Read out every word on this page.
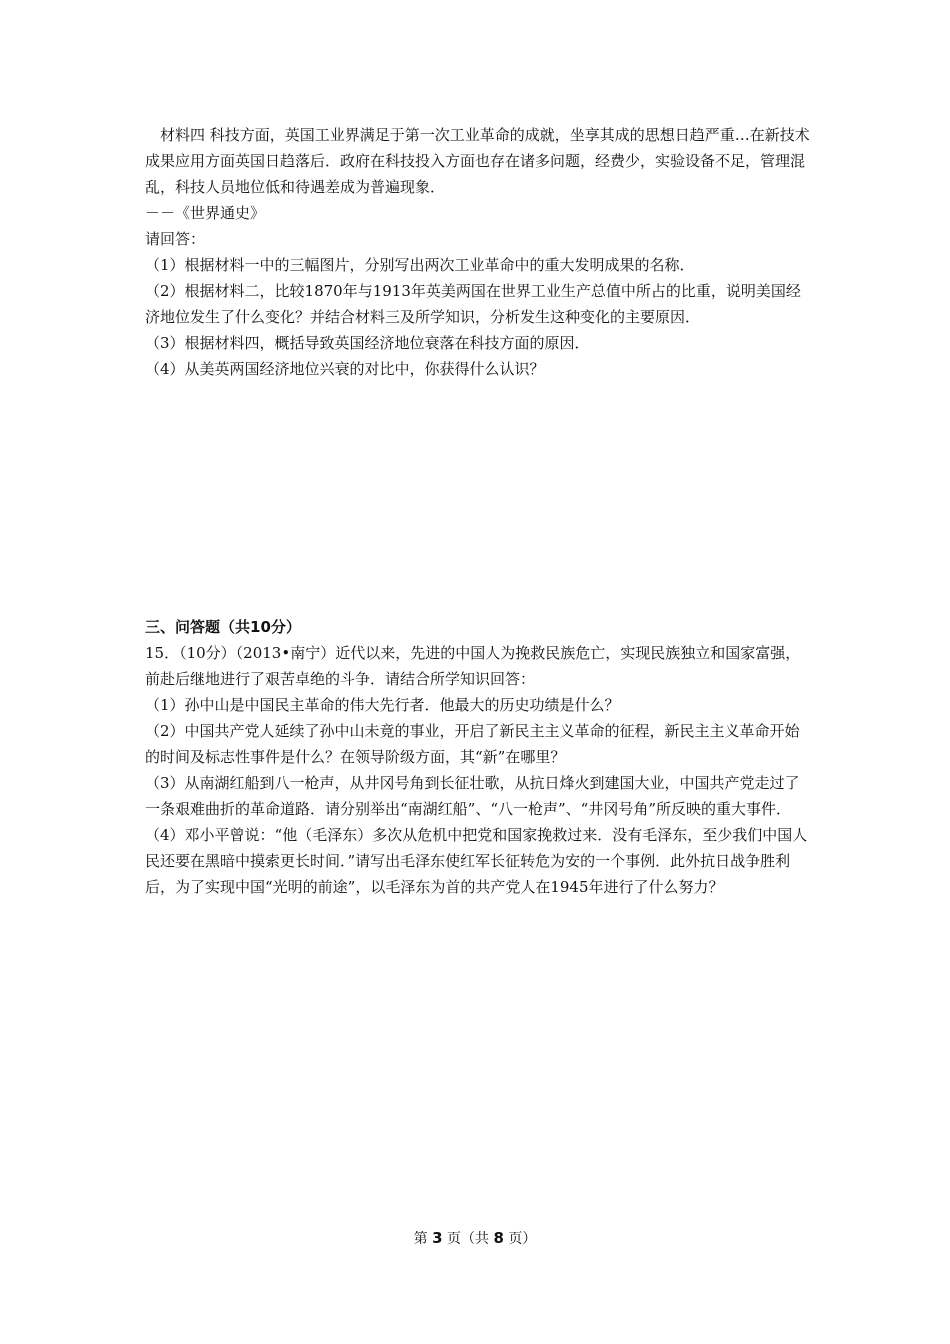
材料四 科技方面，英国工业界满足于第一次工业革命的成就，坐享其成的思想日趋严重…在新技术成果应用方面英国日趋落后．政府在科技投入方面也存在诸多问题，经费少，实验设备不足，管理混乱，科技人员地位低和待遇差成为普遍现象．

－－《世界通史》

请回答：

（1）根据材料一中的三幅图片，分别写出两次工业革命中的重大发明成果的名称．

（2）根据材料二，比较1870年与1913年英美两国在世界工业生产总值中所占的比重，说明美国经济地位发生了什么变化？并结合材料三及所学知识，分析发生这种变化的主要原因．

（3）根据材料四，概括导致英国经济地位衰落在科技方面的原因．

（4）从美英两国经济地位兴衰的对比中，你获得什么认识？

三、问答题（共10分）

15．（10分）（2013•南宁）近代以来，先进的中国人为挽救民族危亡，实现民族独立和国家富强，前赴后继地进行了艰苦卓绝的斗争．请结合所学知识回答：

（1）孙中山是中国民主革命的伟大先行者．他最大的历史功绩是什么？

（2）中国共产党人延续了孙中山未竟的事业，开启了新民主主义革命的征程，新民主主义革命开始的时间及标志性事件是什么？在领导阶级方面，其“新”在哪里？

（3）从南湖红船到八一枪声，从井冈号角到长征壮歌，从抗日烽火到建国大业，中国共产党走过了一条艰难曲折的革命道路．请分别举出“南湖红船”、“八一枪声”、“井冈号角”所反映的重大事件．

（4）邓小平曾说：“他（毛泽东）多次从危机中把党和国家挽救过来．没有毛泽东，至少我们中国人民还要在黑暗中摸索更长时间．”请写出毛泽东使红军长征转危为安的一个事例．此外抗日战争胜利后，为了实现中国“光明的前途”，以毛泽东为首的共产党人在1945年进行了什么努力？

第 3 页（共 8 页）
